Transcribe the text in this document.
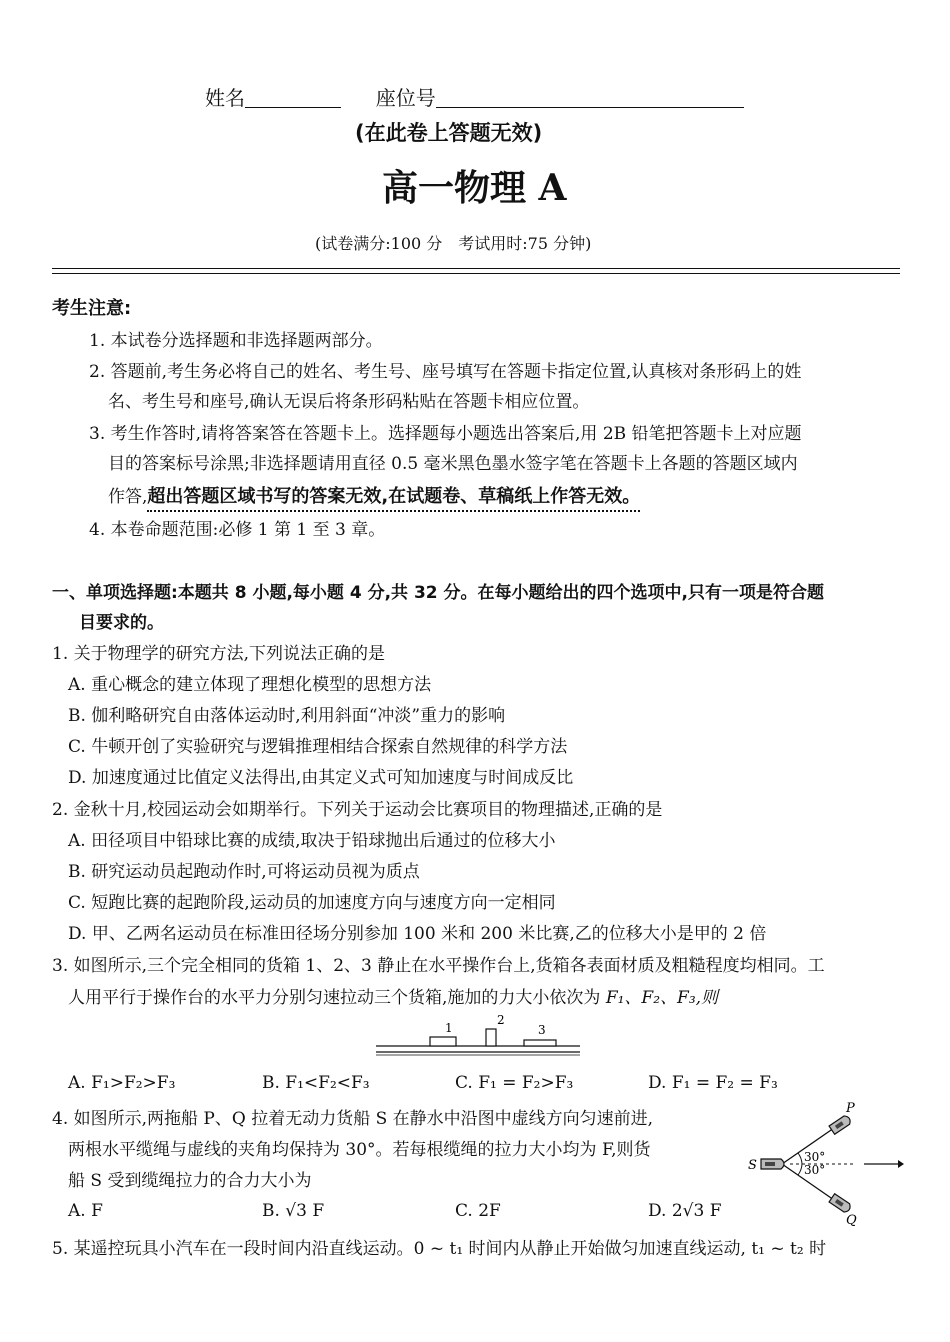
姓名	座位号
(在此卷上答题无效)
高一物理 A
(试卷满分:100 分　考试用时:75 分钟)
考生注意:
1. 本试卷分选择题和非选择题两部分。
2. 答题前,考生务必将自己的姓名、考生号、座号填写在答题卡指定位置,认真核对条形码上的姓
名、考生号和座号,确认无误后将条形码粘贴在答题卡相应位置。
3. 考生作答时,请将答案答在答题卡上。选择题每小题选出答案后,用 2B 铅笔把答题卡上对应题
目的答案标号涂黑;非选择题请用直径 0.5 毫米黑色墨水签字笔在答题卡上各题的答题区域内
作答,超出答题区域书写的答案无效,在试题卷、草稿纸上作答无效。
4. 本卷命题范围:必修 1 第 1 至 3 章。
一、单项选择题:本题共 8 小题,每小题 4 分,共 32 分。在每小题给出的四个选项中,只有一项是符合题
目要求的。
1. 关于物理学的研究方法,下列说法正确的是
A. 重心概念的建立体现了理想化模型的思想方法
B. 伽利略研究自由落体运动时,利用斜面“冲淡”重力的影响
C. 牛顿开创了实验研究与逻辑推理相结合探索自然规律的科学方法
D. 加速度通过比值定义法得出,由其定义式可知加速度与时间成反比
2. 金秋十月,校园运动会如期举行。下列关于运动会比赛项目的物理描述,正确的是
A. 田径项目中铅球比赛的成绩,取决于铅球抛出后通过的位移大小
B. 研究运动员起跑动作时,可将运动员视为质点
C. 短跑比赛的起跑阶段,运动员的加速度方向与速度方向一定相同
D. 甲、乙两名运动员在标准田径场分别参加 100 米和 200 米比赛,乙的位移大小是甲的 2 倍
3. 如图所示,三个完全相同的货箱 1、2、3 静止在水平操作台上,货箱各表面材质及粗糙程度均相同。工
人用平行于操作台的水平力分别匀速拉动三个货箱,施加的力大小依次为 F₁、F₂、F₃,则
1
2
3
A. F₁>F₂>F₃	B. F₁<F₂<F₃	C. F₁ = F₂>F₃	D. F₁ = F₂ = F₃
4. 如图所示,两拖船 P、Q 拉着无动力货船 S 在静水中沿图中虚线方向匀速前进,
两根水平缆绳与虚线的夹角均保持为 30°。若每根缆绳的拉力大小均为 F,则货
船 S 受到缆绳拉力的合力大小为
30°
30°
S
P
Q
A. F	B. √3 F	C. 2F	D. 2√3 F
5. 某遥控玩具小汽车在一段时间内沿直线运动。0 ~ t₁ 时间内从静止开始做匀加速直线运动, t₁ ~ t₂ 时
